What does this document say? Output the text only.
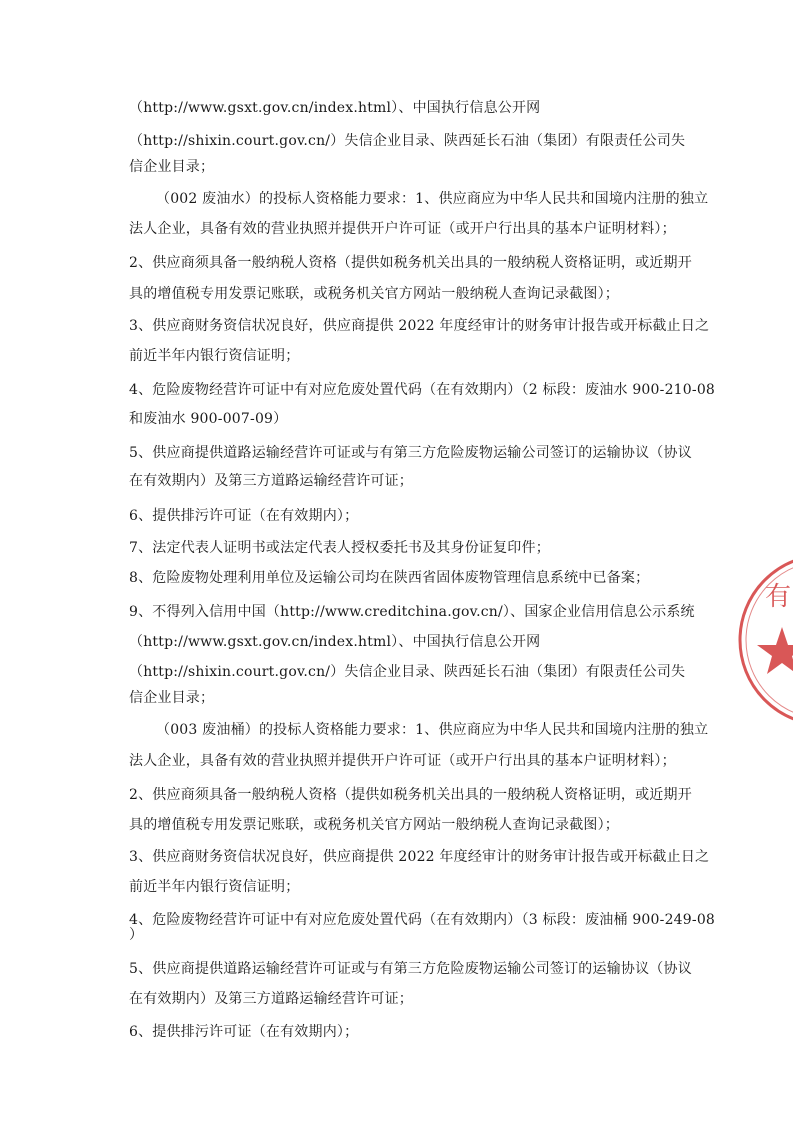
（http://www.gsxt.gov.cn/index.html）、中国执行信息公开网
（http://shixin.court.gov.cn/）失信企业目录、陕西延长石油（集团）有限责任公司失
信企业目录；
（002 废油水）的投标人资格能力要求：1、供应商应为中华人民共和国境内注册的独立
法人企业，具备有效的营业执照并提供开户许可证（或开户行出具的基本户证明材料）；
2、供应商须具备一般纳税人资格（提供如税务机关出具的一般纳税人资格证明，或近期开
具的增值税专用发票记账联，或税务机关官方网站一般纳税人查询记录截图）；
3、供应商财务资信状况良好，供应商提供 2022 年度经审计的财务审计报告或开标截止日之
前近半年内银行资信证明；
4、危险废物经营许可证中有对应危废处置代码（在有效期内）（2 标段：废油水 900-210-08
和废油水 900-007-09）
5、供应商提供道路运输经营许可证或与有第三方危险废物运输公司签订的运输协议（协议
在有效期内）及第三方道路运输经营许可证；
6、提供排污许可证（在有效期内）；
7、法定代表人证明书或法定代表人授权委托书及其身份证复印件；
8、危险废物处理利用单位及运输公司均在陕西省固体废物管理信息系统中已备案；
9、不得列入信用中国（http://www.creditchina.gov.cn/）、国家企业信用信息公示系统
（http://www.gsxt.gov.cn/index.html）、中国执行信息公开网
（http://shixin.court.gov.cn/）失信企业目录、陕西延长石油（集团）有限责任公司失
信企业目录；
（003 废油桶）的投标人资格能力要求：1、供应商应为中华人民共和国境内注册的独立
法人企业，具备有效的营业执照并提供开户许可证（或开户行出具的基本户证明材料）；
2、供应商须具备一般纳税人资格（提供如税务机关出具的一般纳税人资格证明，或近期开
具的增值税专用发票记账联，或税务机关官方网站一般纳税人查询记录截图）；
3、供应商财务资信状况良好，供应商提供 2022 年度经审计的财务审计报告或开标截止日之
前近半年内银行资信证明；
4、危险废物经营许可证中有对应危废处置代码（在有效期内）（3 标段：废油桶 900-249-08
）
5、供应商提供道路运输经营许可证或与有第三方危险废物运输公司签订的运输协议（协议
在有效期内）及第三方道路运输经营许可证；
6、提供排污许可证（在有效期内）；
有
